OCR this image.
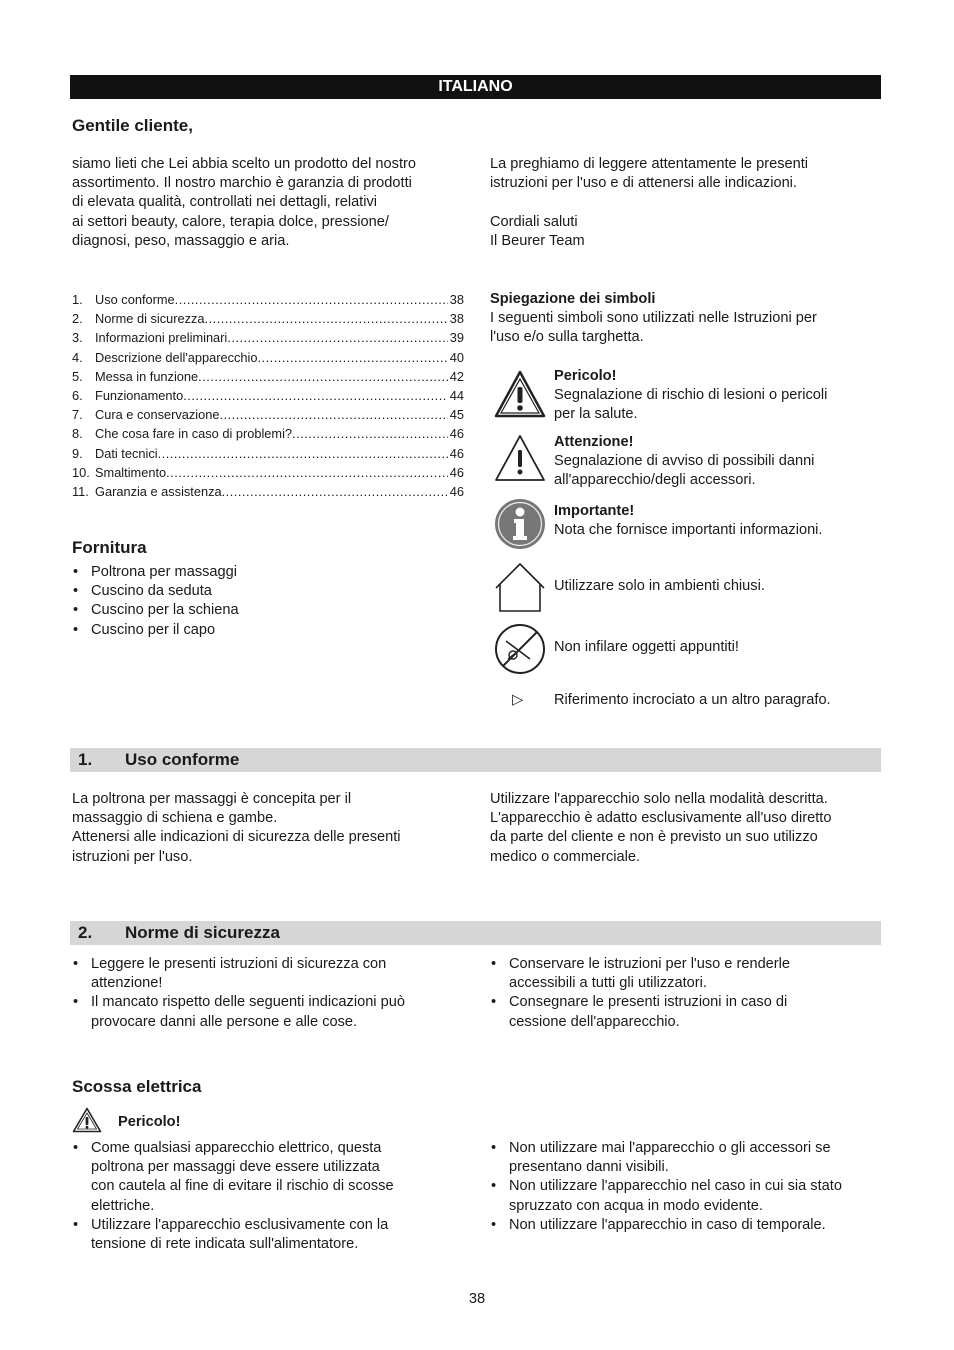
ITALIANO
Gentile cliente,
siamo lieti che Lei abbia scelto un prodotto del nostro
assortimento. Il nostro marchio è garanzia di prodotti
di elevata qualità, controllati nei dettagli, relativi
ai settori beauty, calore, terapia dolce, pressione/
diagnosi, peso, massaggio e aria.
La preghiamo di leggere attentamente le presenti
istruzioni per l'uso e di attenersi alle indicazioni.
Cordiali saluti
Il Beurer Team
1. Uso conforme .....	38
2. Norme di sicurezza .....	38
3. Informazioni preliminari .....	39
4. Descrizione dell'apparecchio .....	40
5. Messa in funzione .....	42
6. Funzionamento .....	44
7. Cura e conservazione .....	45
8. Che cosa fare in caso di problemi? .....	46
9. Dati tecnici .....	46
10. Smaltimento .....	46
11. Garanzia e assistenza .....	46
Fornitura
• Poltrona per massaggi
• Cuscino da seduta
• Cuscino per la schiena
• Cuscino per il capo
Spiegazione dei simboli
I seguenti simboli sono utilizzati nelle Istruzioni per
l'uso e/o sulla targhetta.
Pericolo!
Segnalazione di rischio di lesioni o pericoli
per la salute.
Attenzione!
Segnalazione di avviso di possibili danni
all'apparecchio/degli accessori.
Importante!
Nota che fornisce importanti informazioni.
Utilizzare solo in ambienti chiusi.
Non infilare oggetti appuntiti!
▷ Riferimento incrociato a un altro paragrafo.
1. Uso conforme
La poltrona per massaggi è concepita per il
massaggio di schiena e gambe.
Attenersi alle indicazioni di sicurezza delle presenti
istruzioni per l'uso.
Utilizzare l'apparecchio solo nella modalità descritta.
L'apparecchio è adatto esclusivamente all'uso diretto
da parte del cliente e non è previsto un suo utilizzo
medico o commerciale.
2. Norme di sicurezza
• Leggere le presenti istruzioni di sicurezza con
attenzione!
• Il mancato rispetto delle seguenti indicazioni può
provocare danni alle persone e alle cose.
• Conservare le istruzioni per l'uso e renderle
accessibili a tutti gli utilizzatori.
• Consegnare le presenti istruzioni in caso di
cessione dell'apparecchio.
Scossa elettrica
Pericolo!
• Come qualsiasi apparecchio elettrico, questa
poltrona per massaggi deve essere utilizzata
con cautela al fine di evitare il rischio di scosse
elettriche.
• Utilizzare l'apparecchio esclusivamente con la
tensione di rete indicata sull'alimentatore.
• Non utilizzare mai l'apparecchio o gli accessori se
presentano danni visibili.
• Non utilizzare l'apparecchio nel caso in cui sia stato
spruzzato con acqua in modo evidente.
• Non utilizzare l'apparecchio in caso di temporale.
38
